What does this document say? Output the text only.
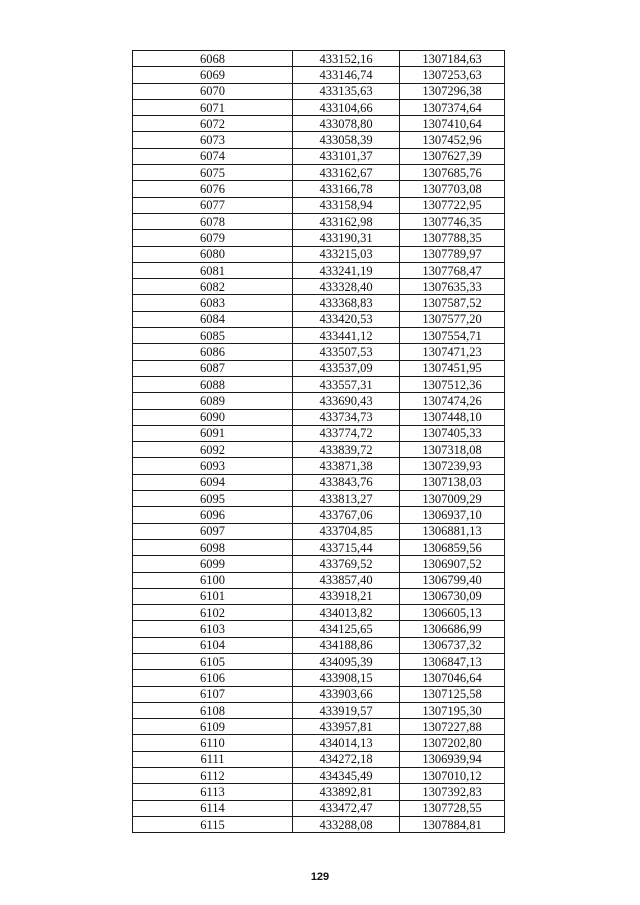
6068	433152,16	1307184,63
6069	433146,74	1307253,63
6070	433135,63	1307296,38
6071	433104,66	1307374,64
6072	433078,80	1307410,64
6073	433058,39	1307452,96
6074	433101,37	1307627,39
6075	433162,67	1307685,76
6076	433166,78	1307703,08
6077	433158,94	1307722,95
6078	433162,98	1307746,35
6079	433190,31	1307788,35
6080	433215,03	1307789,97
6081	433241,19	1307768,47
6082	433328,40	1307635,33
6083	433368,83	1307587,52
6084	433420,53	1307577,20
6085	433441,12	1307554,71
6086	433507,53	1307471,23
6087	433537,09	1307451,95
6088	433557,31	1307512,36
6089	433690,43	1307474,26
6090	433734,73	1307448,10
6091	433774,72	1307405,33
6092	433839,72	1307318,08
6093	433871,38	1307239,93
6094	433843,76	1307138,03
6095	433813,27	1307009,29
6096	433767,06	1306937,10
6097	433704,85	1306881,13
6098	433715,44	1306859,56
6099	433769,52	1306907,52
6100	433857,40	1306799,40
6101	433918,21	1306730,09
6102	434013,82	1306605,13
6103	434125,65	1306686,99
6104	434188,86	1306737,32
6105	434095,39	1306847,13
6106	433908,15	1307046,64
6107	433903,66	1307125,58
6108	433919,57	1307195,30
6109	433957,81	1307227,88
6110	434014,13	1307202,80
6111	434272,18	1306939,94
6112	434345,49	1307010,12
6113	433892,81	1307392,83
6114	433472,47	1307728,55
6115	433288,08	1307884,81
129
